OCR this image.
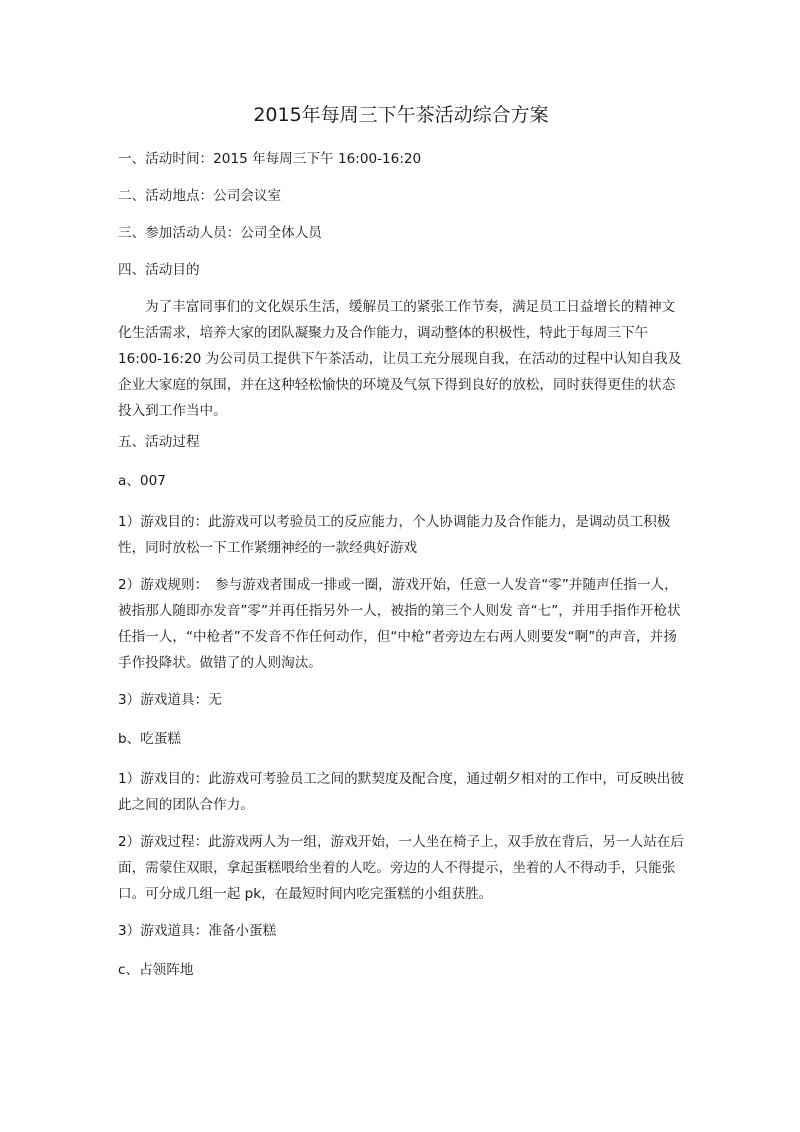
2015年每周三下午茶活动综合方案

一、活动时间：2015 年每周三下午 16:00-16:20

二、活动地点：公司会议室

三、参加活动人员：公司全体人员

四、活动目的

为了丰富同事们的文化娱乐生活，缓解员工的紧张工作节奏，满足员工日益增长的精神文化生活需求，培养大家的团队凝聚力及合作能力，调动整体的积极性，特此于每周三下午 16:00-16:20 为公司员工提供下午茶活动，让员工充分展现自我，在活动的过程中认知自我及企业大家庭的氛围，并在这种轻松愉快的环境及气氛下得到良好的放松，同时获得更佳的状态投入到工作当中。

五、活动过程

a、007

1）游戏目的：此游戏可以考验员工的反应能力，个人协调能力及合作能力，是调动员工积极性，同时放松一下工作紧绷神经的一款经典好游戏

2）游戏规则：　参与游戏者围成一排或一圈，游戏开始，任意一人发音“零”并随声任指一人，被指那人随即亦发音”零”并再任指另外一人，被指的第三个人则发 音“七”，并用手指作开枪状任指一人，“中枪者”不发音不作任何动作，但“中枪”者旁边左右两人则要发“啊”的声音，并扬手作投降状。做错了的人则淘汰。

3）游戏道具：无

b、吃蛋糕

1）游戏目的：此游戏可考验员工之间的默契度及配合度，通过朝夕相对的工作中，可反映出彼此之间的团队合作力。

2）游戏过程：此游戏两人为一组，游戏开始，一人坐在椅子上，双手放在背后，另一人站在后面，需蒙住双眼，拿起蛋糕喂给坐着的人吃。旁边的人不得提示，坐着的人不得动手，只能张口。可分成几组一起 pk，在最短时间内吃完蛋糕的小组获胜。

3）游戏道具：准备小蛋糕

c、占领阵地
